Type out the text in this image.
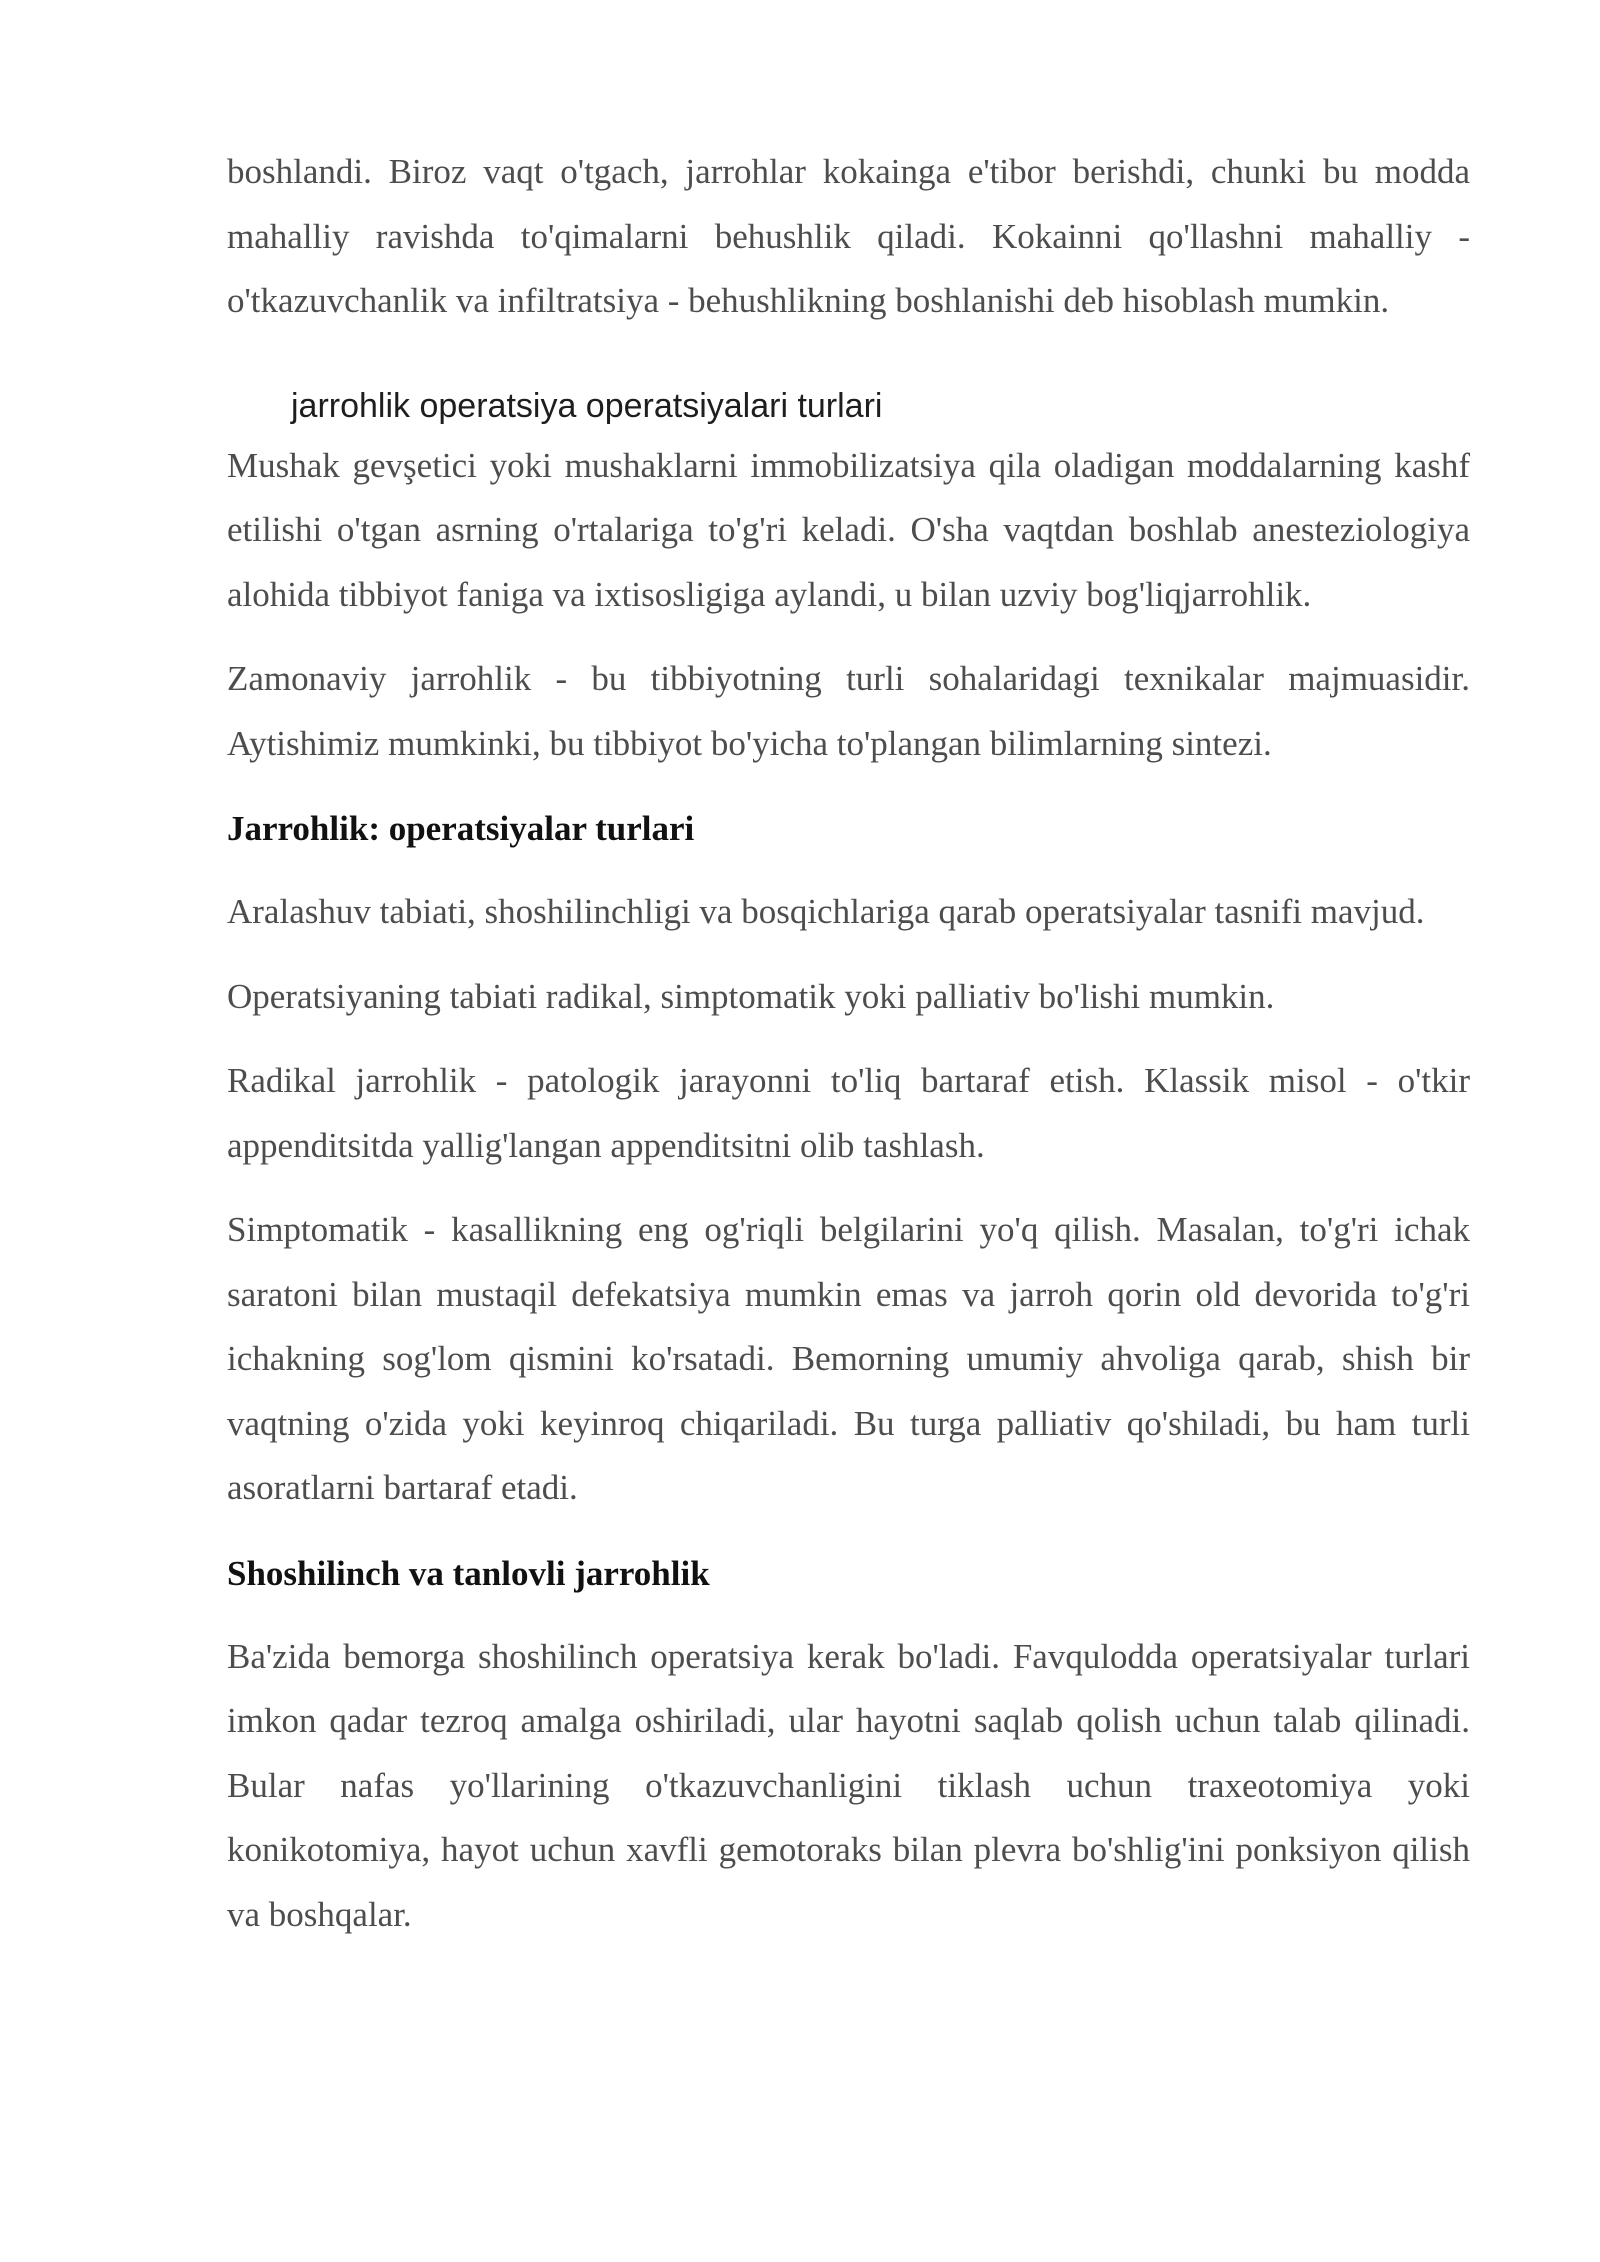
boshlandi. Biroz vaqt o'tgach, jarrohlar kokainga e'tibor berishdi, chunki bu modda mahalliy ravishda to'qimalarni behushlik qiladi. Kokainni qo'llashni mahalliy - o'tkazuvchanlik va infiltratsiya - behushlikning boshlanishi deb hisoblash mumkin.

jarrohlik operatsiya operatsiyalari turlari

Mushak gevşetici yoki mushaklarni immobilizatsiya qila oladigan moddalarning kashf etilishi o'tgan asrning o'rtalariga to'g'ri keladi. O'sha vaqtdan boshlab anesteziologiya alohida tibbiyot faniga va ixtisosligiga aylandi, u bilan uzviy bog'liqjarrohlik.

Zamonaviy jarrohlik - bu tibbiyotning turli sohalaridagi texnikalar majmuasidir. Aytishimiz mumkinki, bu tibbiyot bo'yicha to'plangan bilimlarning sintezi.

Jarrohlik: operatsiyalar turlari

Aralashuv tabiati, shoshilinchligi va bosqichlariga qarab operatsiyalar tasnifi mavjud.

Operatsiyaning tabiati radikal, simptomatik yoki palliativ bo'lishi mumkin.

Radikal jarrohlik - patologik jarayonni to'liq bartaraf etish. Klassik misol - o'tkir appenditsitda yallig'langan appenditsitni olib tashlash.

Simptomatik - kasallikning eng og'riqli belgilarini yo'q qilish. Masalan, to'g'ri ichak saratoni bilan mustaqil defekatsiya mumkin emas va jarroh qorin old devorida to'g'ri ichakning sog'lom qismini ko'rsatadi. Bemorning umumiy ahvoliga qarab, shish bir vaqtning o'zida yoki keyinroq chiqariladi. Bu turga palliativ qo'shiladi, bu ham turli asoratlarni bartaraf etadi.

Shoshilinch va tanlovli jarrohlik

Ba'zida bemorga shoshilinch operatsiya kerak bo'ladi. Favqulodda operatsiyalar turlari imkon qadar tezroq amalga oshiriladi, ular hayotni saqlab qolish uchun talab qilinadi. Bular nafas yo'llarining o'tkazuvchanligini tiklash uchun traxeotomiya yoki konikotomiya, hayot uchun xavfli gemotoraks bilan plevra bo'shlig'ini ponksiyon qilish va boshqalar.
